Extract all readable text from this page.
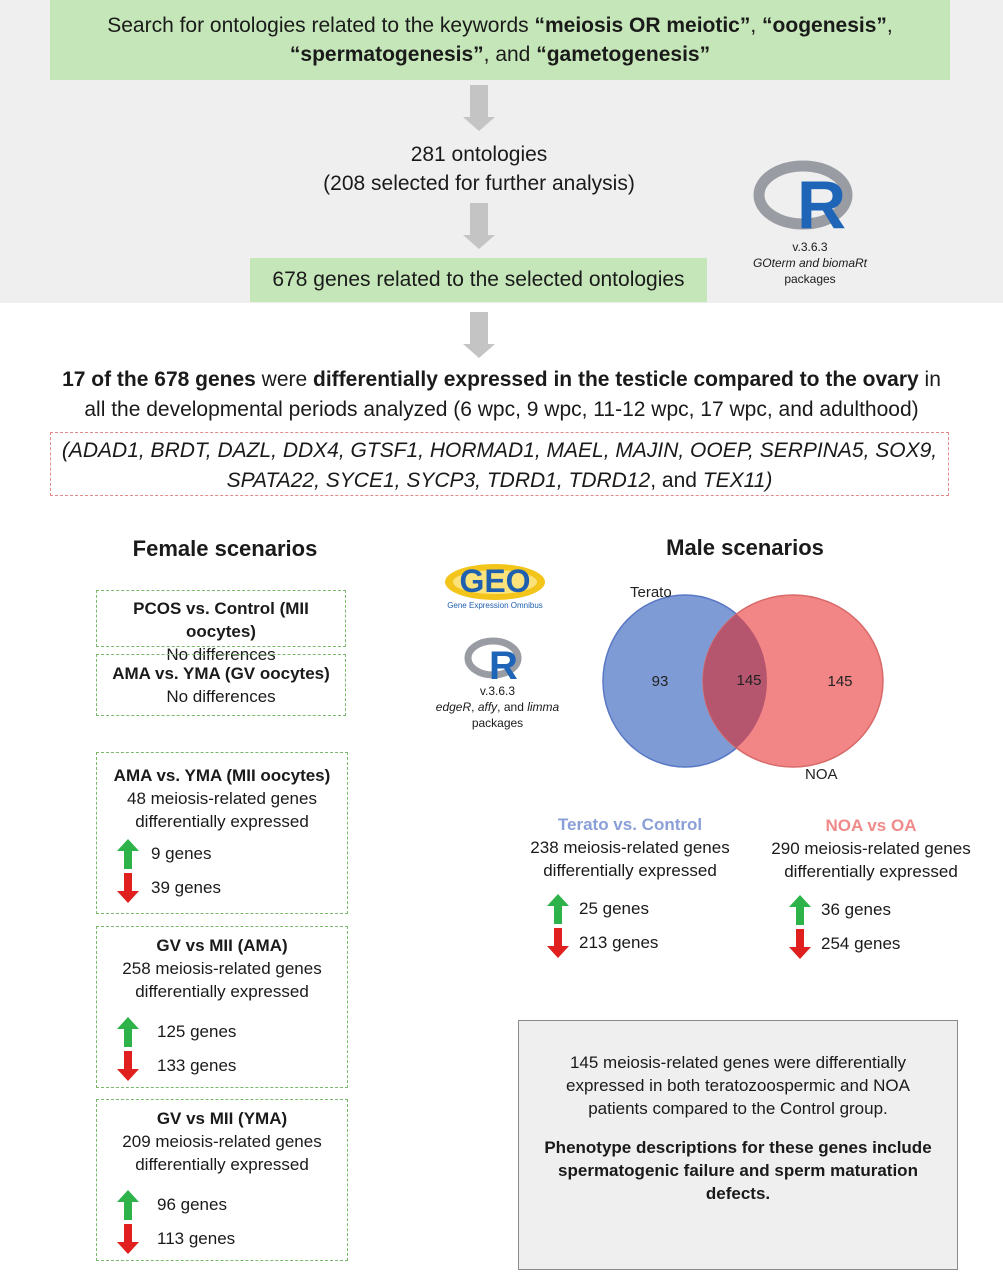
Search for ontologies related to the keywords “meiosis OR meiotic”, “oogenesis”,
“spermatogenesis”, and “gametogenesis”
281 ontologies
(208 selected for further analysis)
678 genes related to the selected ontologies
R
v.3.6.3
GOterm and biomaRt
packages
17 of the 678 genes were differentially expressed in the testicle compared to the ovary in
all the developmental periods analyzed (6 wpc, 9 wpc, 11-12 wpc, 17 wpc, and adulthood)
(ADAD1, BRDT, DAZL, DDX4, GTSF1, HORMAD1, MAEL, MAJIN, OOEP, SERPINA5, SOX9,
SPATA22, SYCE1, SYCP3, TDRD1, TDRD12, and TEX11)
Female scenarios
PCOS vs. Control (MII oocytes)
No differences
AMA vs. YMA (GV oocytes)
No differences
AMA vs. YMA (MII oocytes)
48 meiosis-related genes
differentially expressed
9 genes
39 genes
GV vs MII (AMA)
258 meiosis-related genes
differentially expressed
125 genes
133 genes
GV vs MII (YMA)
209 meiosis-related genes
differentially expressed
96 genes
113 genes
GEO
Gene Expression Omnibus
R
v.3.6.3
edgeR, affy, and limma
packages
Male scenarios
Terato
NOA
93	145	145
Terato vs. Control
238 meiosis-related genes
differentially expressed
25 genes
213 genes
NOA vs OA
290 meiosis-related genes
differentially expressed
36 genes
254 genes
145 meiosis-related genes were differentially
expressed in both teratozoospermic and NOA
patients compared to the Control group.
Phenotype descriptions for these genes include
spermatogenic failure and sperm maturation
defects.
